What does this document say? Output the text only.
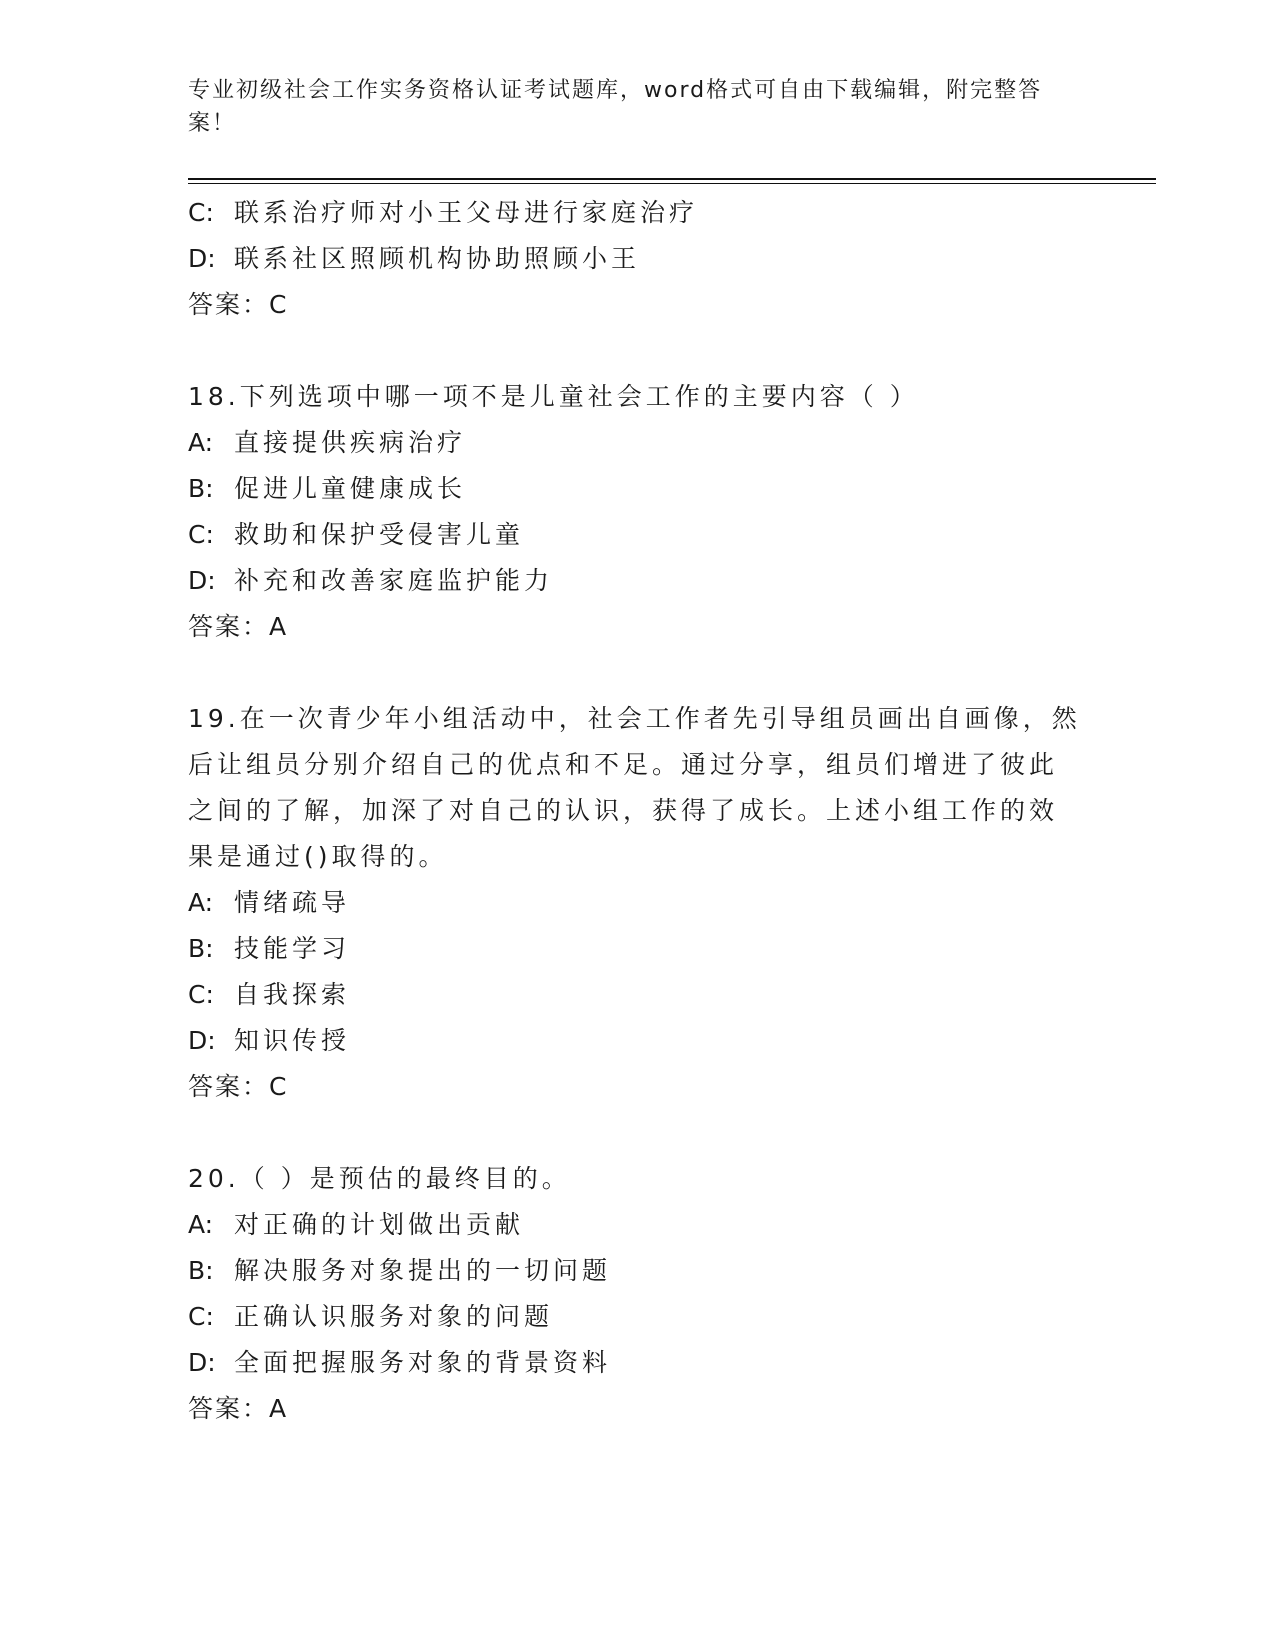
专业初级社会工作实务资格认证考试题库，word格式可自由下载编辑，附完整答案！
C: 联系治疗师对小王父母进行家庭治疗
D: 联系社区照顾机构协助照顾小王
答案：C
18.下列选项中哪一项不是儿童社会工作的主要内容（ ）
A: 直接提供疾病治疗
B: 促进儿童健康成长
C: 救助和保护受侵害儿童
D: 补充和改善家庭监护能力
答案：A
19.在一次青少年小组活动中，社会工作者先引导组员画出自画像，然
后让组员分别介绍自己的优点和不足。通过分享，组员们增进了彼此
之间的了解，加深了对自己的认识，获得了成长。上述小组工作的效
果是通过()取得的。
A: 情绪疏导
B: 技能学习
C: 自我探索
D: 知识传授
答案：C
20.（ ）是预估的最终目的。
A: 对正确的计划做出贡献
B: 解决服务对象提出的一切问题
C: 正确认识服务对象的问题
D: 全面把握服务对象的背景资料
答案：A
